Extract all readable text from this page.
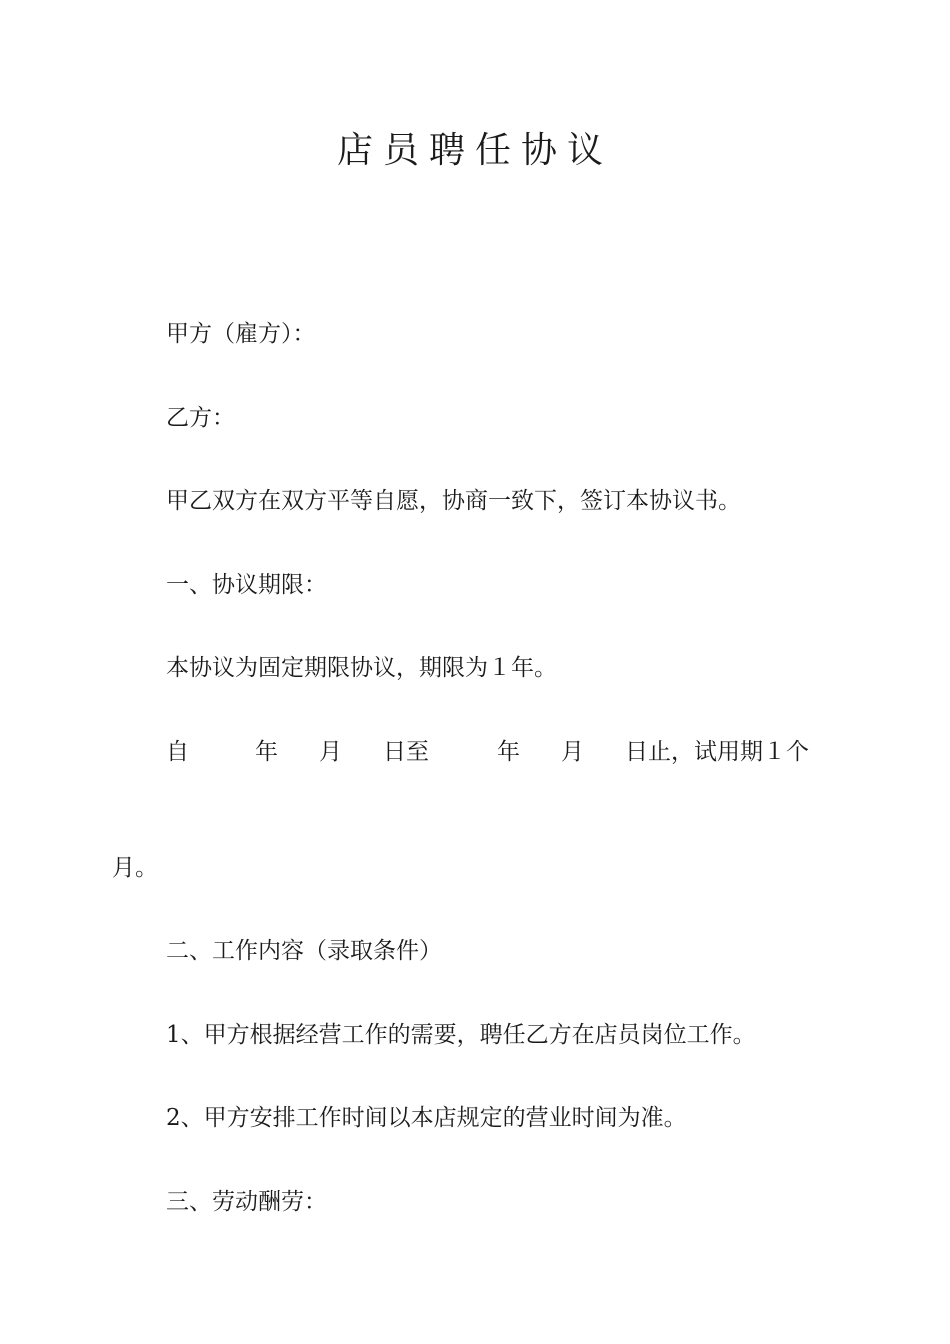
店员聘任协议

甲方（雇方）：

乙方：

甲乙双方在双方平等自愿，协商一致下，签订本协议书。

一、协议期限：

本协议为固定期限协议，期限为１年。

自	年 月 日至	年 月 日止，试用期１个

月。

二、工作内容（录取条件）

1、甲方根据经营工作的需要，聘任乙方在店员岗位工作。

2、甲方安排工作时间以本店规定的营业时间为准。

三、劳动酬劳：
